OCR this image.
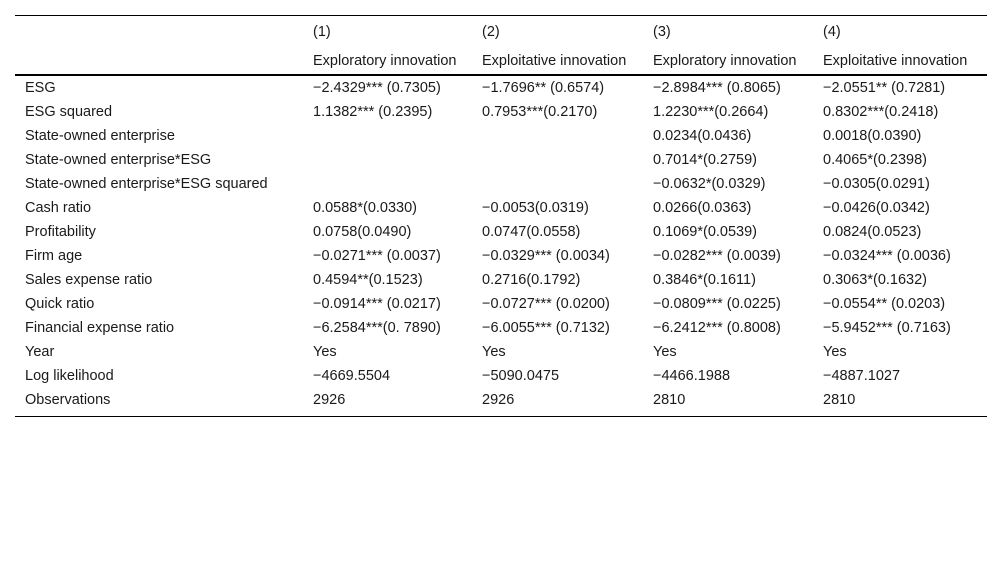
	(1)	(2)	(3)	(4)
	Exploratory innovation	Exploitative innovation	Exploratory innovation	Exploitative innovation
ESG	−2.4329*** (0.7305)	−1.7696** (0.6574)	−2.8984*** (0.8065)	−2.0551** (0.7281)
ESG squared	1.1382*** (0.2395)	0.7953***(0.2170)	1.2230***(0.2664)	0.8302***(0.2418)
State-owned enterprise			0.0234(0.0436)	0.0018(0.0390)
State-owned enterprise*ESG			0.7014*(0.2759)	0.4065*(0.2398)
State-owned enterprise*ESG squared			−0.0632*(0.0329)	−0.0305(0.0291)
Cash ratio	0.0588*(0.0330)	−0.0053(0.0319)	0.0266(0.0363)	−0.0426(0.0342)
Profitability	0.0758(0.0490)	0.0747(0.0558)	0.1069*(0.0539)	0.0824(0.0523)
Firm age	−0.0271*** (0.0037)	−0.0329*** (0.0034)	−0.0282*** (0.0039)	−0.0324*** (0.0036)
Sales expense ratio	0.4594**(0.1523)	0.2716(0.1792)	0.3846*(0.1611)	0.3063*(0.1632)
Quick ratio	−0.0914*** (0.0217)	−0.0727*** (0.0200)	−0.0809*** (0.0225)	−0.0554** (0.0203)
Financial expense ratio	−6.2584***(0. 7890)	−6.0055*** (0.7132)	−6.2412*** (0.8008)	−5.9452*** (0.7163)
Year	Yes	Yes	Yes	Yes
Log likelihood	−4669.5504	−5090.0475	−4466.1988	−4887.1027
Observations	2926	2926	2810	2810
